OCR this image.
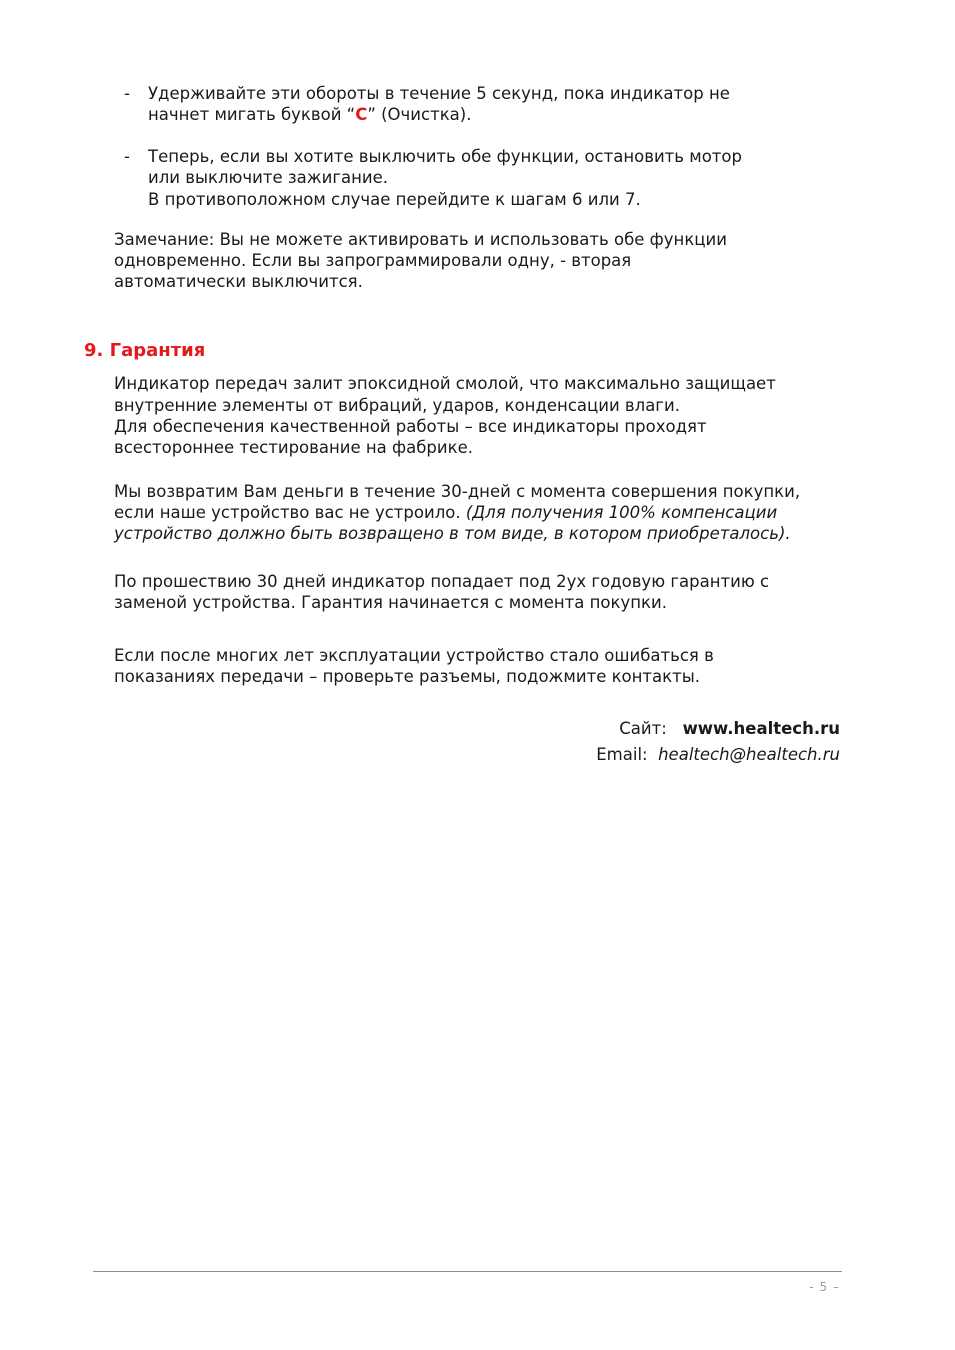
- Удерживайте эти обороты в течение 5 секунд, пока индикатор не
начнет мигать буквой “C” (Очистка).
- Теперь, если вы хотите выключить обе функции, остановить мотор
или выключите зажигание.
В противоположном случае перейдите к шагам 6 или 7.
Замечание: Вы не можете активировать и использовать обе функции
одновременно. Если вы запрограммировали одну, - вторая
автоматически выключится.
9. Гарантия
Индикатор передач залит эпоксидной смолой, что максимально защищает
внутренние элементы от вибраций, ударов, конденсации влаги.
Для обеспечения качественной работы – все индикаторы проходят
всестороннее тестирование на фабрике.
Мы возвратим Вам деньги в течение 30-дней с момента совершения покупки,
если наше устройство вас не устроило. (Для получения 100% компенсации
устройство должно быть возвращено в том виде, в котором приобреталось).
По прошествию 30 дней индикатор попадает под 2ух годовую гарантию с
заменой устройства. Гарантия начинается с момента покупки.
Если после многих лет эксплуатации устройство стало ошибаться в
показаниях передачи – проверьте разъемы, подожмите контакты.
Сайт: www.healtech.ru
Email: healtech@healtech.ru
- 5 –
